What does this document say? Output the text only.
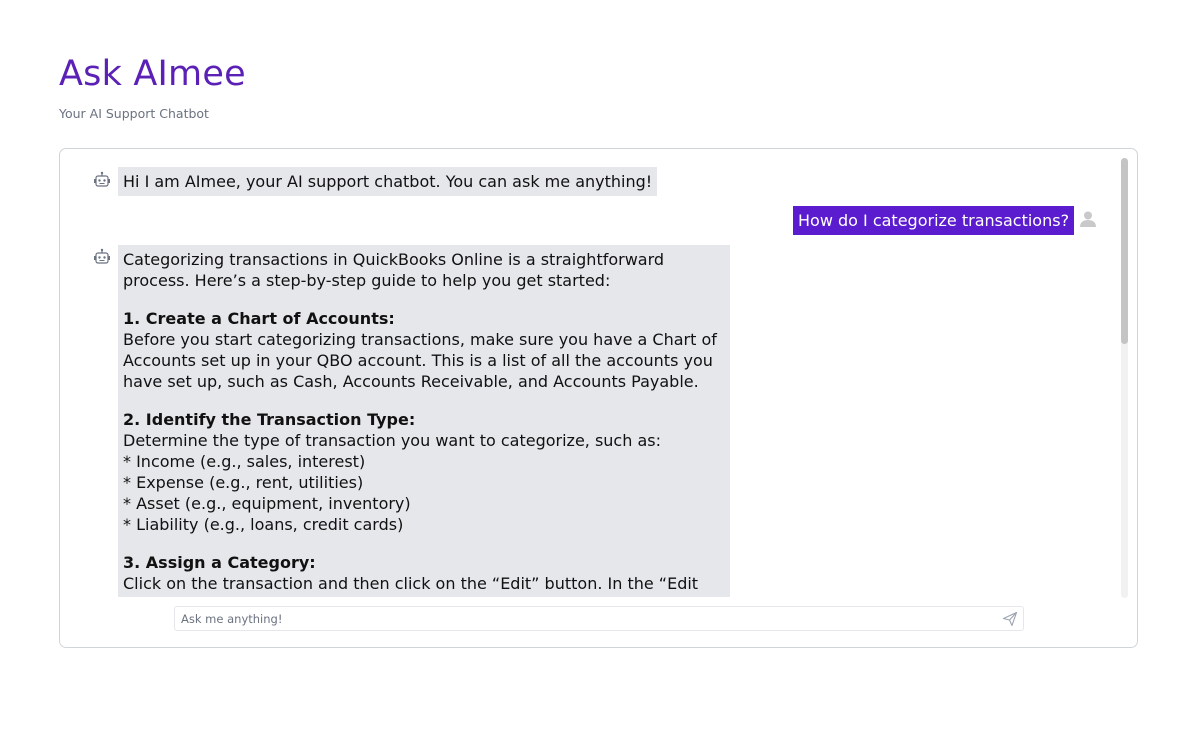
Ask AImee

Your AI Support Chatbot

Hi I am AImee, your AI support chatbot. You can ask me anything!
How do I categorize transactions?

Categorizing transactions in QuickBooks Online is a straightforward
process. Here’s a step-by-step guide to help you get started:

1. Create a Chart of Accounts:
Before you start categorizing transactions, make sure you have a Chart of
Accounts set up in your QBO account. This is a list of all the accounts you
have set up, such as Cash, Accounts Receivable, and Accounts Payable.

2. Identify the Transaction Type:
Determine the type of transaction you want to categorize, such as:
* Income (e.g., sales, interest)
* Expense (e.g., rent, utilities)
* Asset (e.g., equipment, inventory)
* Liability (e.g., loans, credit cards)

3. Assign a Category:
Click on the transaction and then click on the “Edit” button. In the “Edit

Ask me anything!
